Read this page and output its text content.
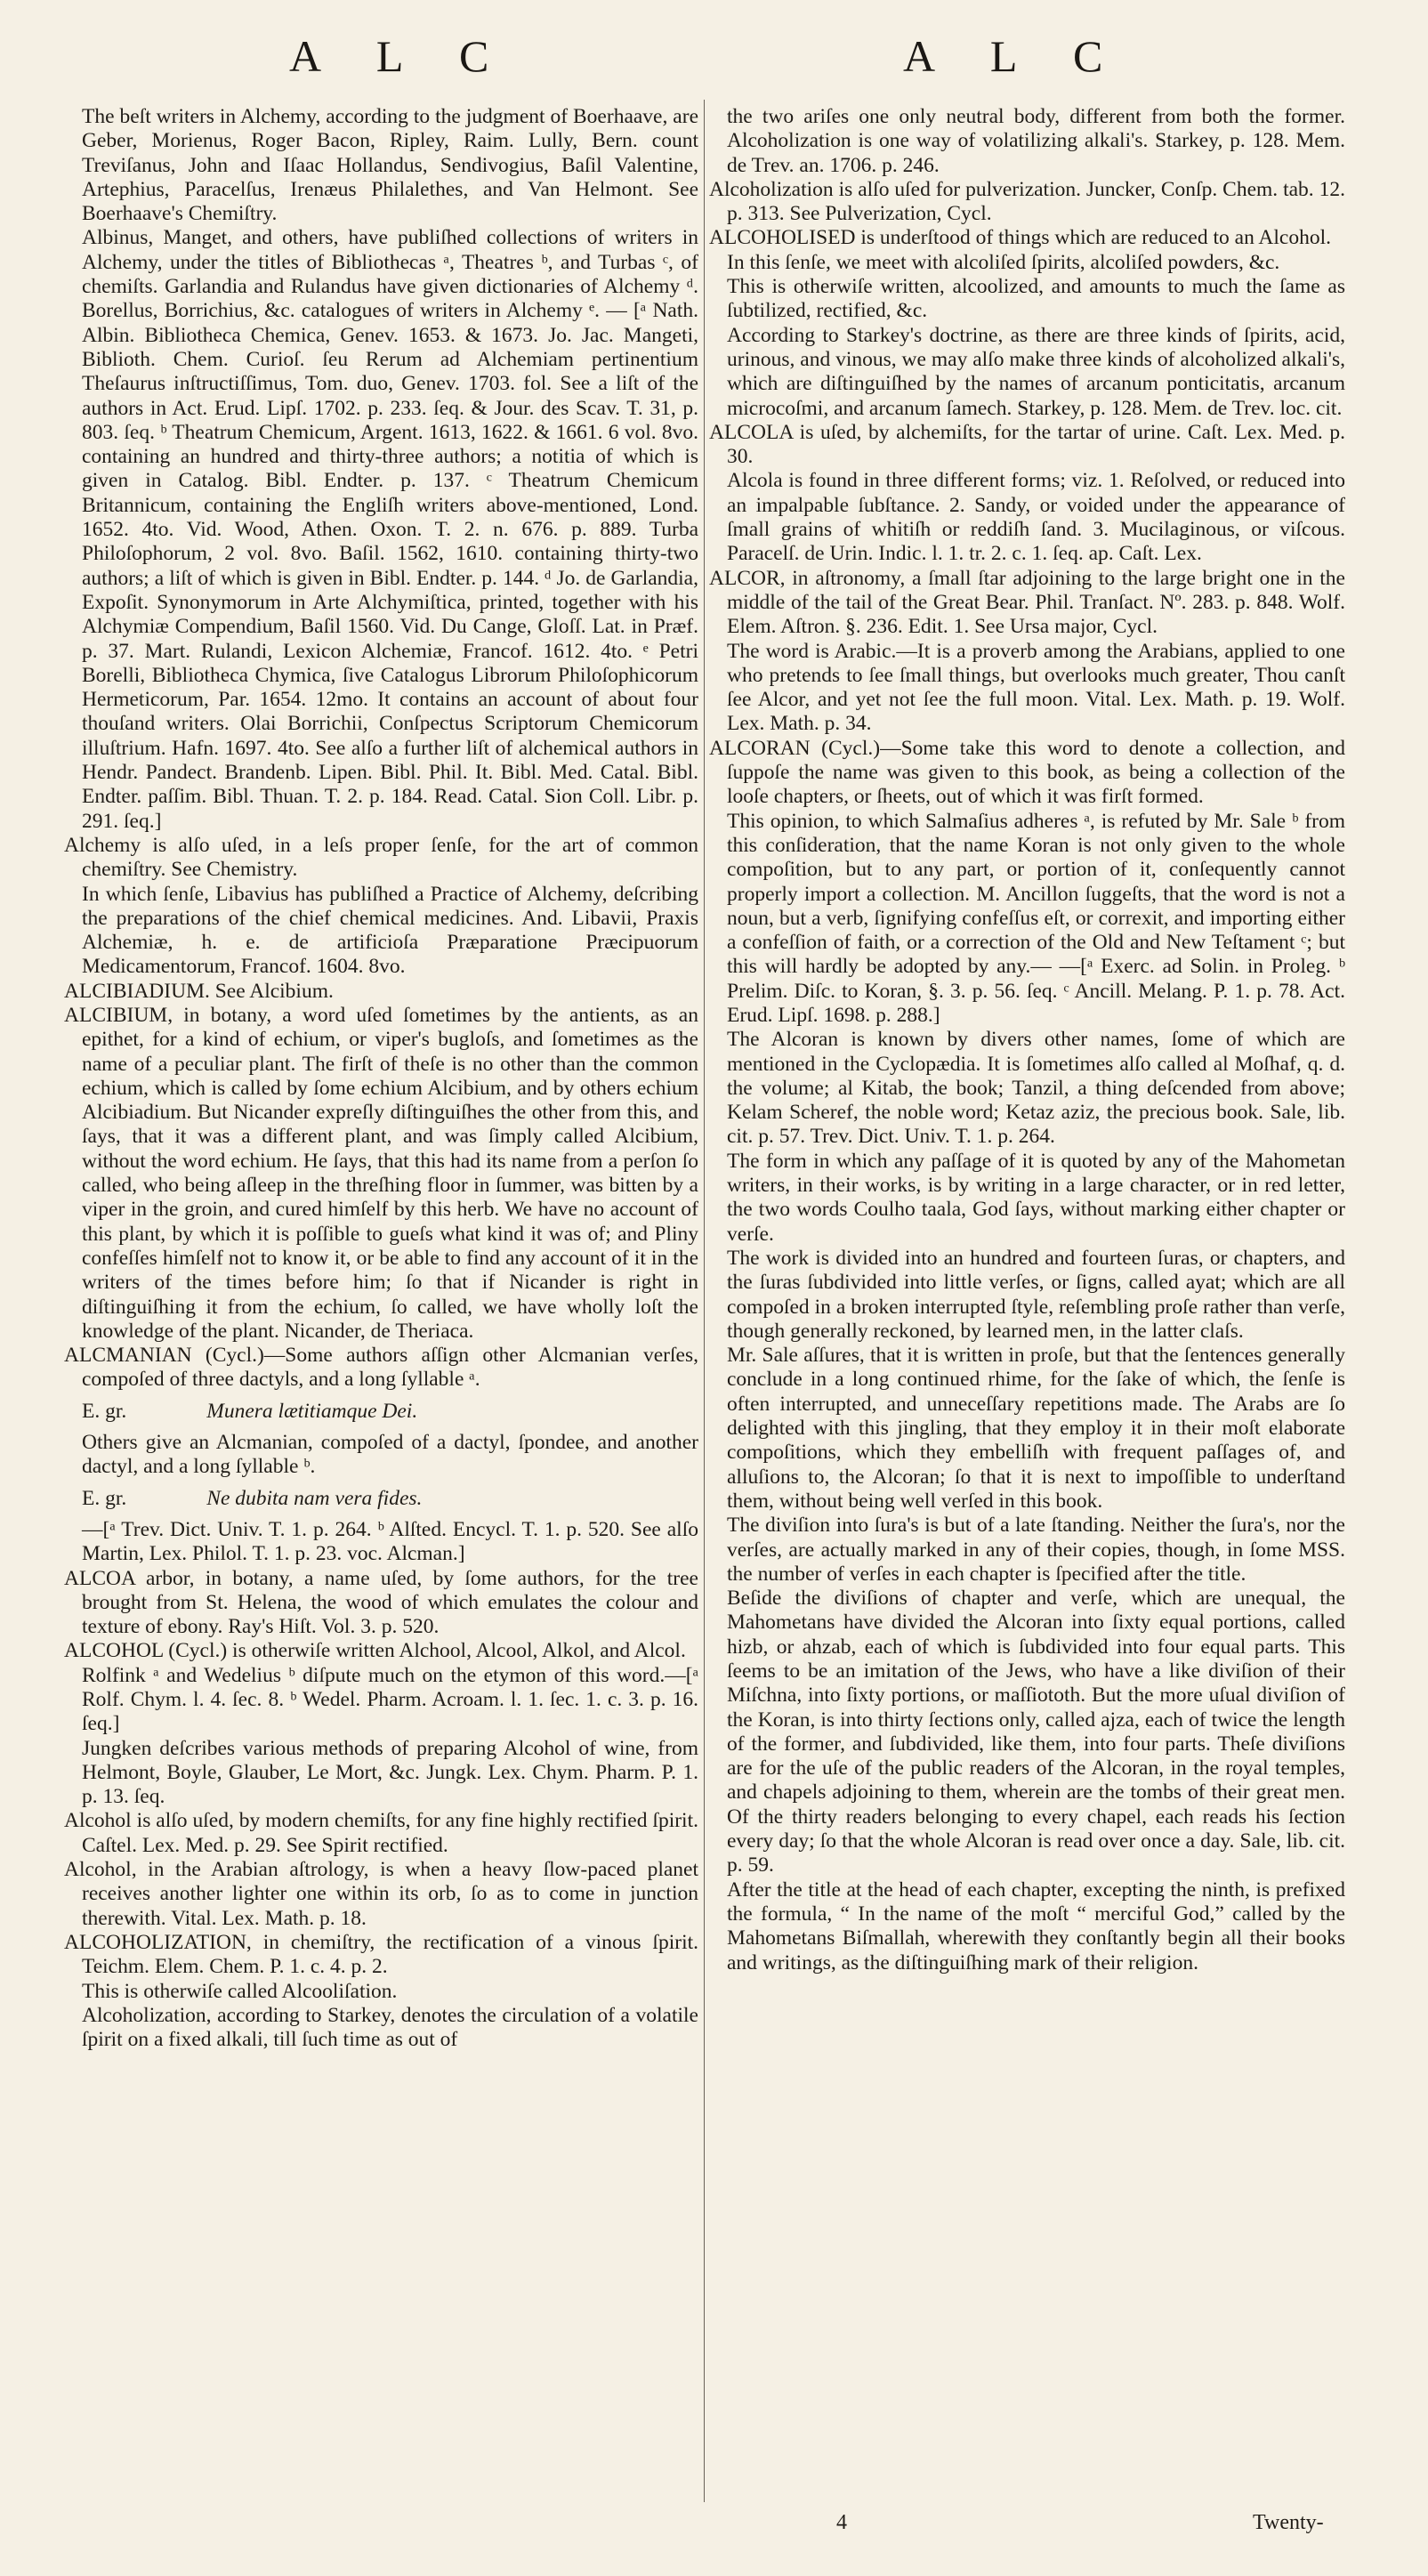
A L C	A L C

The beſt writers in Alchemy, according to the judgment of Boerhaave, are Geber, Morienus, Roger Bacon, Ripley, Raim. Lully, Bern. count Treviſanus, John and Iſaac Hollandus, Sendivogius, Baſil Valentine, Artephius, Paracelſus, Irenæus Philalethes, and Van Helmont. See Boerhaave's Chemiſtry.

Albinus, Manget, and others, have publiſhed collections of writers in Alchemy, under the titles of Bibliothecas ᵃ, Theatres ᵇ, and Turbas ᶜ, of chemiſts. Garlandia and Rulandus have given dictionaries of Alchemy ᵈ. Borellus, Borrichius, &c. catalogues of writers in Alchemy ᵉ. — [ᵃ Nath. Albin. Bibliotheca Chemica, Genev. 1653. & 1673. Jo. Jac. Mangeti, Biblioth. Chem. Curioſ. ſeu Rerum ad Alchemiam pertinentium Theſaurus inſtructiſſimus, Tom. duo, Genev. 1703. fol. See a liſt of the authors in Act. Erud. Lipſ. 1702. p. 233. ſeq. & Jour. des Scav. T. 31, p. 803. ſeq. ᵇ Theatrum Chemicum, Argent. 1613, 1622. & 1661. 6 vol. 8vo. containing an hundred and thirty-three authors; a notitia of which is given in Catalog. Bibl. Endter. p. 137. ᶜ Theatrum Chemicum Britannicum, containing the Engliſh writers above-mentioned, Lond. 1652. 4to. Vid. Wood, Athen. Oxon. T. 2. n. 676. p. 889. Turba Philoſophorum, 2 vol. 8vo. Baſil. 1562, 1610. containing thirty-two authors; a liſt of which is given in Bibl. Endter. p. 144. ᵈ Jo. de Garlandia, Expoſit. Synonymorum in Arte Alchymiſtica, printed, together with his Alchymiæ Compendium, Baſil 1560. Vid. Du Cange, Gloſſ. Lat. in Præf. p. 37. Mart. Rulandi, Lexicon Alchemiæ, Francof. 1612. 4to. ᵉ Petri Borelli, Bibliotheca Chymica, ſive Catalogus Librorum Philoſophicorum Hermeticorum, Par. 1654. 12mo. It contains an account of about four thouſand writers. Olai Borrichii, Conſpectus Scriptorum Chemicorum illuſtrium. Hafn. 1697. 4to. See alſo a further liſt of alchemical authors in Hendr. Pandect. Brandenb. Lipen. Bibl. Phil. It. Bibl. Med. Catal. Bibl. Endter. paſſim. Bibl. Thuan. T. 2. p. 184. Read. Catal. Sion Coll. Libr. p. 291. ſeq.]

Alchemy is alſo uſed, in a leſs proper ſenſe, for the art of common chemiſtry. See Chemistry.

In which ſenſe, Libavius has publiſhed a Practice of Alchemy, deſcribing the preparations of the chief chemical medicines. And. Libavii, Praxis Alchemiæ, h. e. de artificioſa Præparatione Præcipuorum Medicamentorum, Francof. 1604. 8vo.

ALCIBIADIUM. See Alcibium.

ALCIBIUM, in botany, a word uſed ſometimes by the antients, as an epithet, for a kind of echium, or viper's bugloſs, and ſometimes as the name of a peculiar plant. The firſt of theſe is no other than the common echium, which is called by ſome echium Alcibium, and by others echium Alcibiadium. But Nicander expreſly diſtinguiſhes the other from this, and ſays, that it was a different plant, and was ſimply called Alcibium, without the word echium. He ſays, that this had its name from a perſon ſo called, who being aſleep in the threſhing floor in ſummer, was bitten by a viper in the groin, and cured himſelf by this herb. We have no account of this plant, by which it is poſſible to gueſs what kind it was of; and Pliny confeſſes himſelf not to know it, or be able to find any account of it in the writers of the times before him; ſo that if Nicander is right in diſtinguiſhing it from the echium, ſo called, we have wholly loſt the knowledge of the plant. Nicander, de Theriaca.

ALCMANIAN (Cycl.)—Some authors aſſign other Alcmanian verſes, compoſed of three dactyls, and a long ſyllable ᵃ.

E. gr.	Munera lætitiamque Dei.

Others give an Alcmanian, compoſed of a dactyl, ſpondee, and another dactyl, and a long ſyllable ᵇ.

E. gr.	Ne dubita nam vera fides.

—[ᵃ Trev. Dict. Univ. T. 1. p. 264. ᵇ Alſted. Encycl. T. 1. p. 520. See alſo Martin, Lex. Philol. T. 1. p. 23. voc. Alcman.]

ALCOA arbor, in botany, a name uſed, by ſome authors, for the tree brought from St. Helena, the wood of which emulates the colour and texture of ebony. Ray's Hiſt. Vol. 3. p. 520.

ALCOHOL (Cycl.) is otherwiſe written Alchool, Alcool, Alkol, and Alcol.

Rolfink ᵃ and Wedelius ᵇ diſpute much on the etymon of this word.—[ᵃ Rolf. Chym. l. 4. ſec. 8. ᵇ Wedel. Pharm. Acroam. l. 1. ſec. 1. c. 3. p. 16. ſeq.]

Jungken deſcribes various methods of preparing Alcohol of wine, from Helmont, Boyle, Glauber, Le Mort, &c. Jungk. Lex. Chym. Pharm. P. 1. p. 13. ſeq.

Alcohol is alſo uſed, by modern chemiſts, for any fine highly rectified ſpirit. Caſtel. Lex. Med. p. 29. See Spirit rectified.

Alcohol, in the Arabian aſtrology, is when a heavy ſlow-paced planet receives another lighter one within its orb, ſo as to come in junction therewith. Vital. Lex. Math. p. 18.

ALCOHOLIZATION, in chemiſtry, the rectification of a vinous ſpirit. Teichm. Elem. Chem. P. 1. c. 4. p. 2.

This is otherwiſe called Alcooliſation.

Alcoholization, according to Starkey, denotes the circulation of a volatile ſpirit on a fixed alkali, till ſuch time as out of

the two ariſes one only neutral body, different from both the former. Alcoholization is one way of volatilizing alkali's. Starkey, p. 128. Mem. de Trev. an. 1706. p. 246.

Alcoholization is alſo uſed for pulverization. Juncker, Conſp. Chem. tab. 12. p. 313. See Pulverization, Cycl.

ALCOHOLISED is underſtood of things which are reduced to an Alcohol.

In this ſenſe, we meet with alcoliſed ſpirits, alcoliſed powders, &c.

This is otherwiſe written, alcoolized, and amounts to much the ſame as ſubtilized, rectified, &c.

According to Starkey's doctrine, as there are three kinds of ſpirits, acid, urinous, and vinous, we may alſo make three kinds of alcoholized alkali's, which are diſtinguiſhed by the names of arcanum ponticitatis, arcanum microcoſmi, and arcanum ſamech. Starkey, p. 128. Mem. de Trev. loc. cit.

ALCOLA is uſed, by alchemiſts, for the tartar of urine. Caſt. Lex. Med. p. 30.

Alcola is found in three different forms; viz. 1. Reſolved, or reduced into an impalpable ſubſtance. 2. Sandy, or voided under the appearance of ſmall grains of whitiſh or reddiſh ſand. 3. Mucilaginous, or viſcous. Paracelſ. de Urin. Indic. l. 1. tr. 2. c. 1. ſeq. ap. Caſt. Lex.

ALCOR, in aſtronomy, a ſmall ſtar adjoining to the large bright one in the middle of the tail of the Great Bear. Phil. Tranſact. Nº. 283. p. 848. Wolf. Elem. Aſtron. §. 236. Edit. 1. See Ursa major, Cycl.

The word is Arabic.—It is a proverb among the Arabians, applied to one who pretends to ſee ſmall things, but overlooks much greater, Thou canſt ſee Alcor, and yet not ſee the full moon. Vital. Lex. Math. p. 19. Wolf. Lex. Math. p. 34.

ALCORAN (Cycl.)—Some take this word to denote a collection, and ſuppoſe the name was given to this book, as being a collection of the looſe chapters, or ſheets, out of which it was firſt formed.

This opinion, to which Salmaſius adheres ᵃ, is refuted by Mr. Sale ᵇ from this conſideration, that the name Koran is not only given to the whole compoſition, but to any part, or portion of it, conſequently cannot properly import a collection. M. Ancillon ſuggeſts, that the word is not a noun, but a verb, ſignifying confeſſus eſt, or correxit, and importing either a confeſſion of faith, or a correction of the Old and New Teſtament ᶜ; but this will hardly be adopted by any.— —[ᵃ Exerc. ad Solin. in Proleg. ᵇ Prelim. Diſc. to Koran, §. 3. p. 56. ſeq. ᶜ Ancill. Melang. P. 1. p. 78. Act. Erud. Lipſ. 1698. p. 288.]

The Alcoran is known by divers other names, ſome of which are mentioned in the Cyclopædia. It is ſometimes alſo called al Moſhaf, q. d. the volume; al Kitab, the book; Tanzil, a thing deſcended from above; Kelam Scheref, the noble word; Ketaz aziz, the precious book. Sale, lib. cit. p. 57. Trev. Dict. Univ. T. 1. p. 264.

The form in which any paſſage of it is quoted by any of the Mahometan writers, in their works, is by writing in a large character, or in red letter, the two words Coulho taala, God ſays, without marking either chapter or verſe.

The work is divided into an hundred and fourteen ſuras, or chapters, and the ſuras ſubdivided into little verſes, or ſigns, called ayat; which are all compoſed in a broken interrupted ſtyle, reſembling proſe rather than verſe, though generally reckoned, by learned men, in the latter claſs.

Mr. Sale aſſures, that it is written in proſe, but that the ſentences generally conclude in a long continued rhime, for the ſake of which, the ſenſe is often interrupted, and unneceſſary repetitions made. The Arabs are ſo delighted with this jingling, that they employ it in their moſt elaborate compoſitions, which they embelliſh with frequent paſſages of, and alluſions to, the Alcoran; ſo that it is next to impoſſible to underſtand them, without being well verſed in this book.

The diviſion into ſura's is but of a late ſtanding. Neither the ſura's, nor the verſes, are actually marked in any of their copies, though, in ſome MSS. the number of verſes in each chapter is ſpecified after the title.

Beſide the diviſions of chapter and verſe, which are unequal, the Mahometans have divided the Alcoran into ſixty equal portions, called hizb, or ahzab, each of which is ſubdivided into four equal parts. This ſeems to be an imitation of the Jews, who have a like diviſion of their Miſchna, into ſixty portions, or maſſiototh. But the more uſual diviſion of the Koran, is into thirty ſections only, called ajza, each of twice the length of the former, and ſubdivided, like them, into four parts. Theſe diviſions are for the uſe of the public readers of the Alcoran, in the royal temples, and chapels adjoining to them, wherein are the tombs of their great men. Of the thirty readers belonging to every chapel, each reads his ſection every day; ſo that the whole Alcoran is read over once a day. Sale, lib. cit. p. 59.

After the title at the head of each chapter, excepting the ninth, is prefixed the formula, “ In the name of the moſt “ merciful God,” called by the Mahometans Biſmallah, wherewith they conſtantly begin all their books and writings, as the diſtinguiſhing mark of their religion.

4	Twenty-
